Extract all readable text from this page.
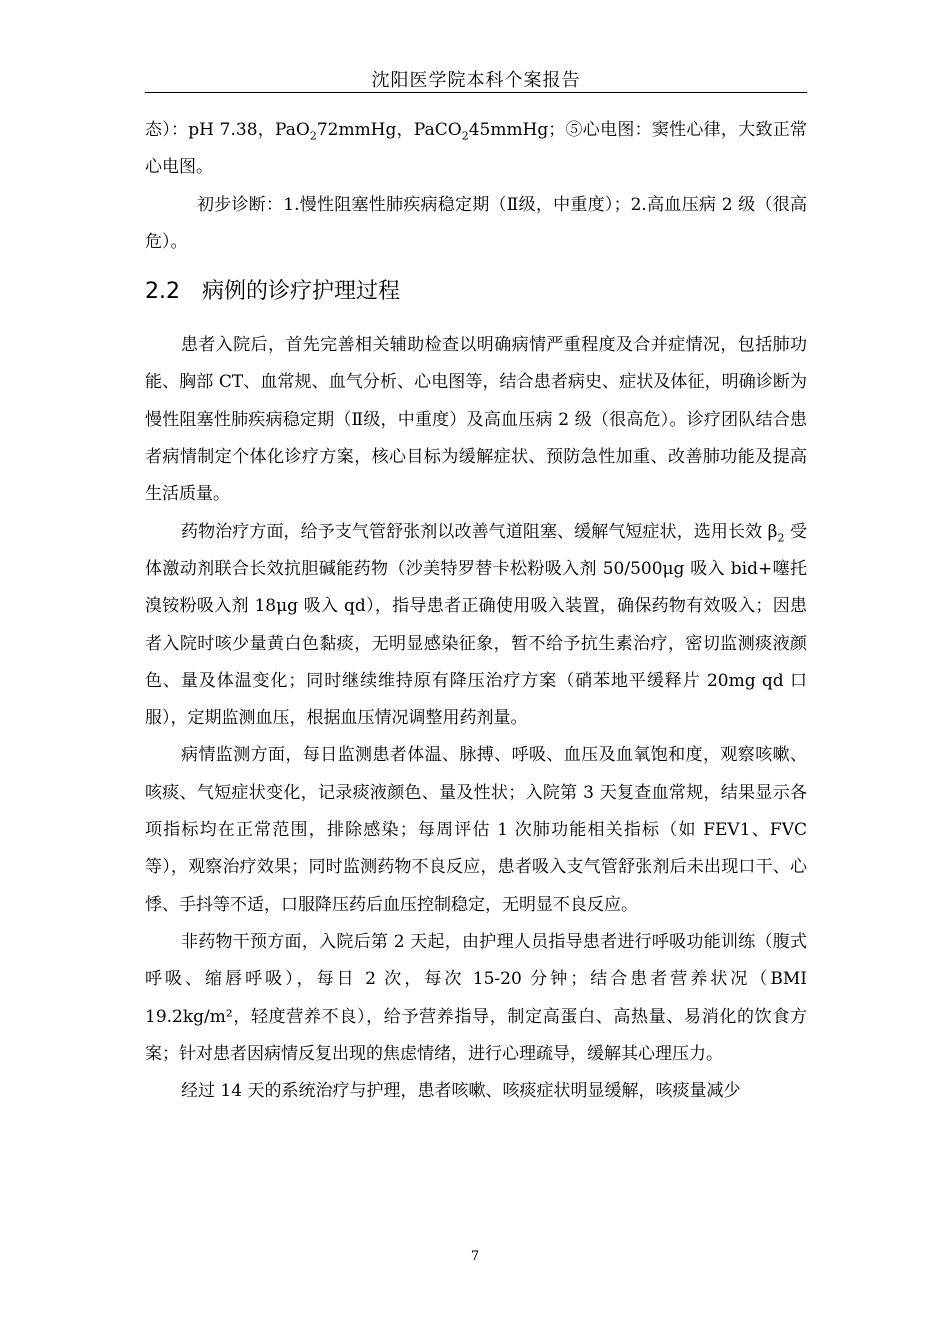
沈阳医学院本科个案报告

态）：pH 7.38，PaO$_2$72mmHg，PaCO$_2$45mmHg；⑤心电图：窦性心律，大致正常心电图。

初步诊断：1.慢性阻塞性肺疾病稳定期（Ⅱ级，中重度）；2.高血压病 2 级（很高危）。

2.2 病例的诊疗护理过程

患者入院后，首先完善相关辅助检查以明确病情严重程度及合并症情况，包括肺功能、胸部 CT、血常规、血气分析、心电图等，结合患者病史、症状及体征，明确诊断为慢性阻塞性肺疾病稳定期（Ⅱ级，中重度）及高血压病 2 级（很高危）。诊疗团队结合患者病情制定个体化诊疗方案，核心目标为缓解症状、预防急性加重、改善肺功能及提高生活质量。

药物治疗方面，给予支气管舒张剂以改善气道阻塞、缓解气短症状，选用长效 $\beta_2$ 受体激动剂联合长效抗胆碱能药物（沙美特罗替卡松粉吸入剂 50/500μg 吸入 bid+噻托溴铵粉吸入剂 18μg 吸入 qd），指导患者正确使用吸入装置，确保药物有效吸入；因患者入院时咳少量黄白色黏痰，无明显感染征象，暂不给予抗生素治疗，密切监测痰液颜色、量及体温变化；同时继续维持原有降压治疗方案（硝苯地平缓释片 20mg qd 口服），定期监测血压，根据血压情况调整用药剂量。

病情监测方面，每日监测患者体温、脉搏、呼吸、血压及血氧饱和度，观察咳嗽、咳痰、气短症状变化，记录痰液颜色、量及性状；入院第 3 天复查血常规，结果显示各项指标均在正常范围，排除感染；每周评估 1 次肺功能相关指标（如 FEV1、FVC 等），观察治疗效果；同时监测药物不良反应，患者吸入支气管舒张剂后未出现口干、心悸、手抖等不适，口服降压药后血压控制稳定，无明显不良反应。

非药物干预方面，入院后第 2 天起，由护理人员指导患者进行呼吸功能训练（腹式呼吸、缩唇呼吸），每日 2 次，每次 15-20 分钟；结合患者营养状况（BMI 19.2kg/m²，轻度营养不良），给予营养指导，制定高蛋白、高热量、易消化的饮食方案；针对患者因病情反复出现的焦虑情绪，进行心理疏导，缓解其心理压力。

经过 14 天的系统治疗与护理，患者咳嗽、咳痰症状明显缓解，咳痰量减少

7
